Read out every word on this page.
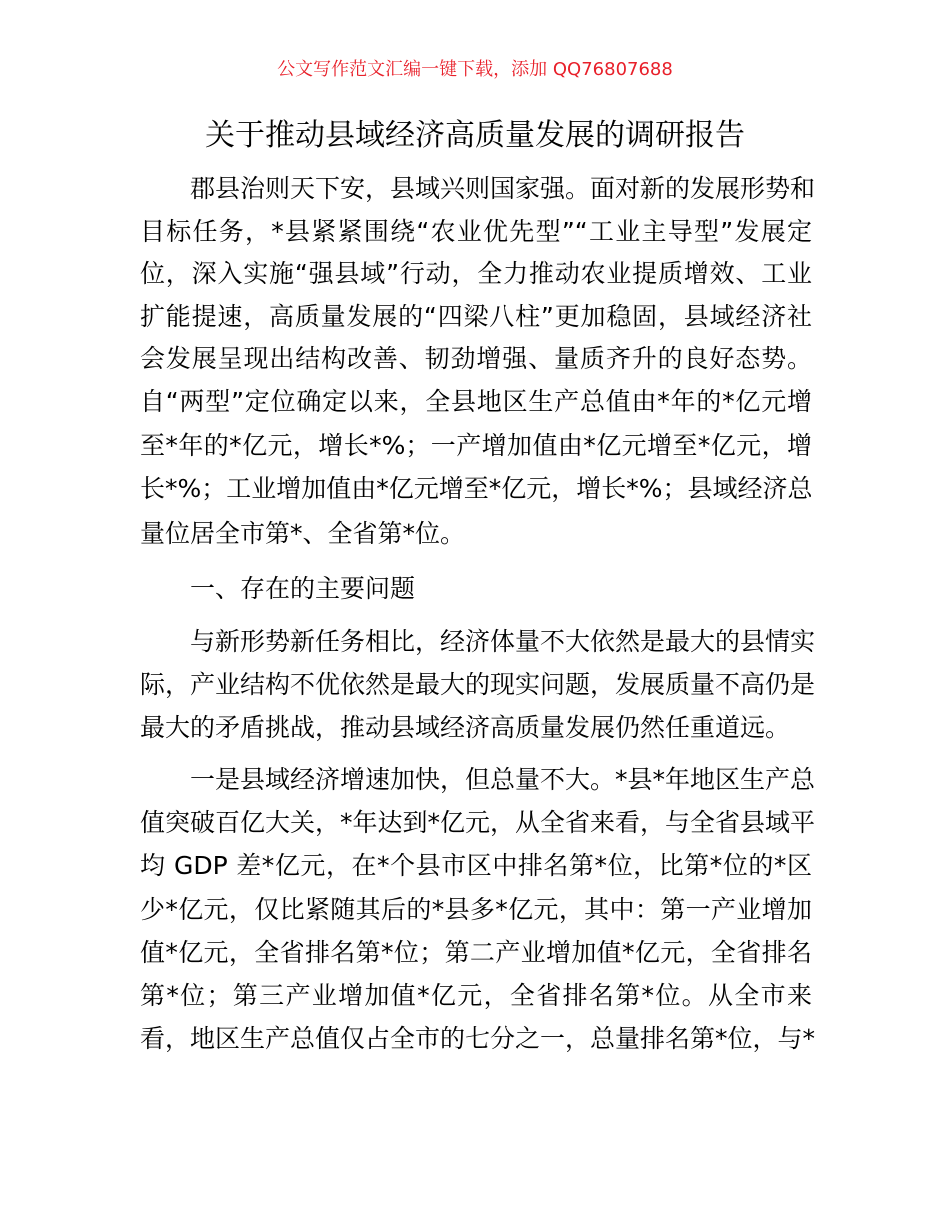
公文写作范文汇编一键下载，添加 QQ76807688
关于推动县域经济高质量发展的调研报告
郡县治则天下安，县域兴则国家强。面对新的发展形势和
目标任务，*县紧紧围绕“农业优先型”“工业主导型”发展定
位，深入实施“强县域”行动，全力推动农业提质增效、工业
扩能提速，高质量发展的“四梁八柱”更加稳固，县域经济社
会发展呈现出结构改善、韧劲增强、量质齐升的良好态势。
自“两型”定位确定以来，全县地区生产总值由*年的*亿元增
至*年的*亿元，增长*%；一产增加值由*亿元增至*亿元，增
长*%；工业增加值由*亿元增至*亿元，增长*%；县域经济总
量位居全市第*、全省第*位。
一、存在的主要问题
与新形势新任务相比，经济体量不大依然是最大的县情实
际，产业结构不优依然是最大的现实问题，发展质量不高仍是
最大的矛盾挑战，推动县域经济高质量发展仍然任重道远。
一是县域经济增速加快，但总量不大。*县*年地区生产总
值突破百亿大关，*年达到*亿元，从全省来看，与全省县域平
均 GDP 差*亿元，在*个县市区中排名第*位，比第*位的*区
少*亿元，仅比紧随其后的*县多*亿元，其中：第一产业增加
值*亿元，全省排名第*位；第二产业增加值*亿元，全省排名
第*位；第三产业增加值*亿元，全省排名第*位。从全市来
看，地区生产总值仅占全市的七分之一，总量排名第*位，与*
